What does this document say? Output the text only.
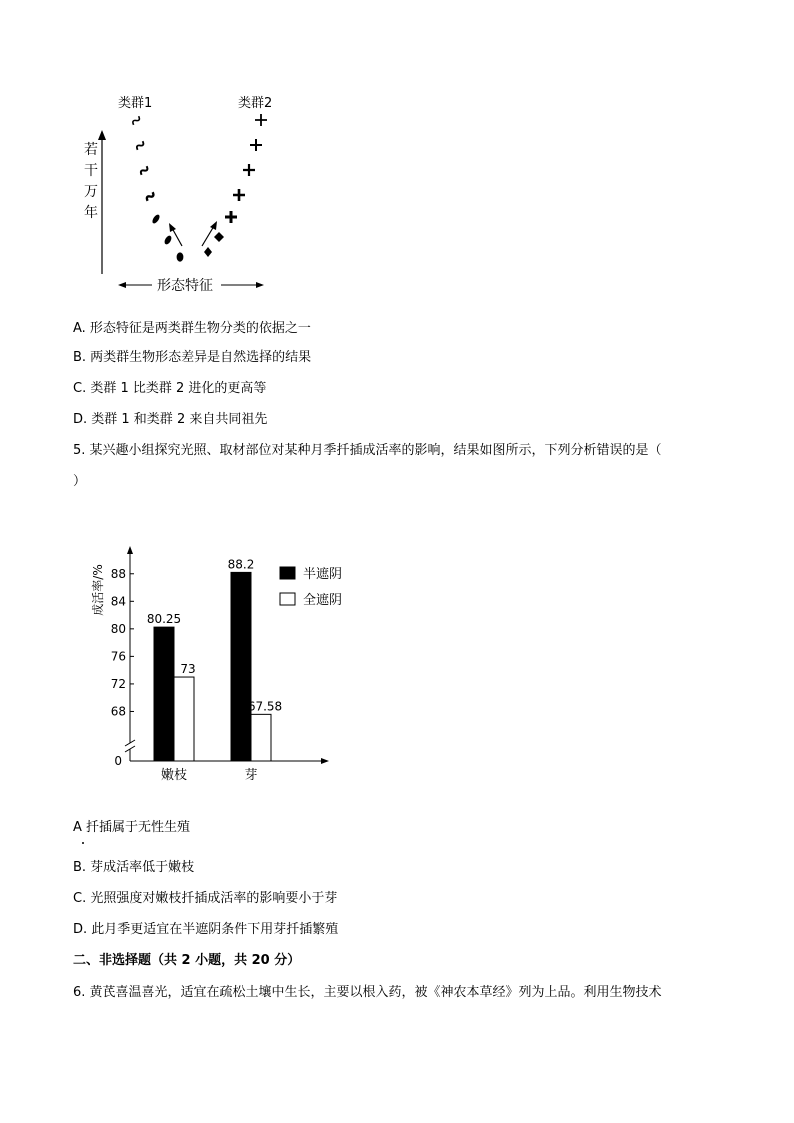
类群1	类群2
若
干
万
年
形态特征
A. 形态特征是两类群生物分类的依据之一
B. 两类群生物形态差异是自然选择的结果
C. 类群 1 比类群 2 进化的更高等
D. 类群 1 和类群 2 来自共同祖先
5. 某兴趣小组探究光照、取材部位对某种月季扦插成活率的影响，结果如图所示，下列分析错误的是（
）
88
84
80
76
72
68
0
成活率/%
80.25
73
嫩枝
88.2
67.58
芽
半遮阴
全遮阴
A 扦插属于无性生殖
B. 芽成活率低于嫩枝
C. 光照强度对嫩枝扦插成活率的影响要小于芽
D. 此月季更适宜在半遮阴条件下用芽扦插繁殖
二、非选择题（共 2 小题，共 20 分）
6. 黄芪喜温喜光，适宜在疏松土壤中生长，主要以根入药，被《神农本草经》列为上品。利用生物技术
